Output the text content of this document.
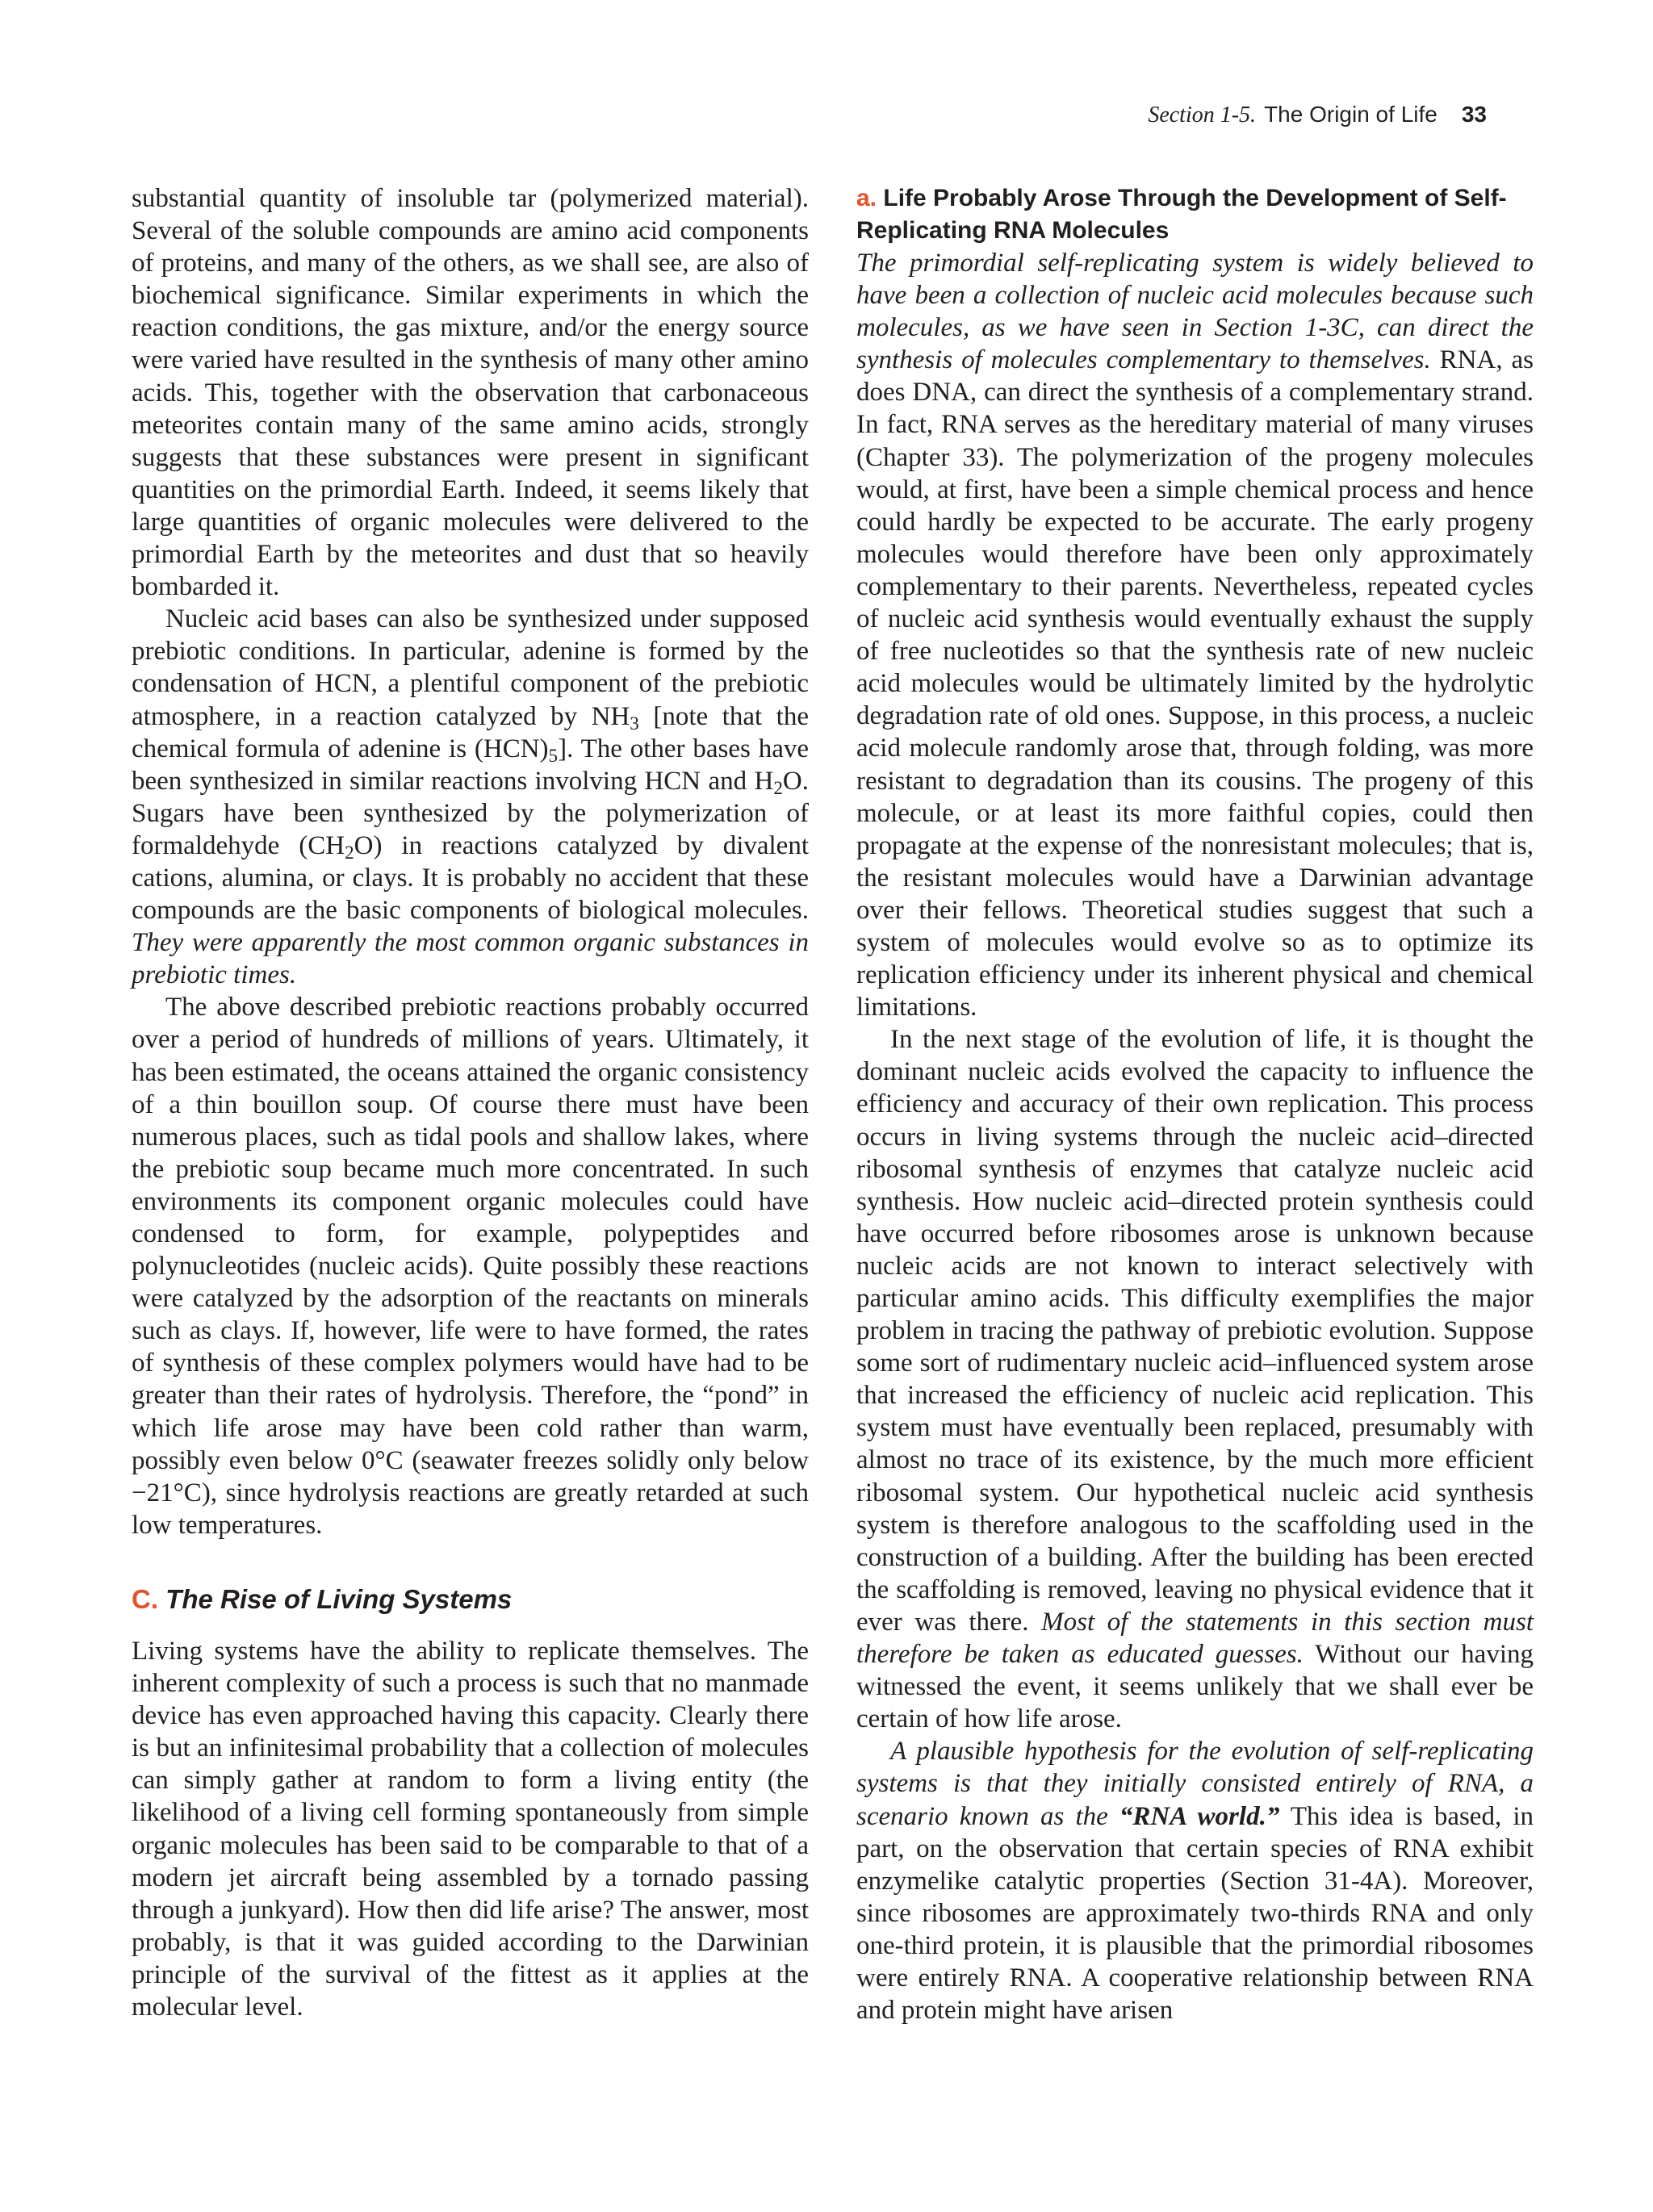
Section 1-5. The Origin of Life 33

substantial quantity of insoluble tar (polymerized material). Several of the soluble compounds are amino acid components of proteins, and many of the others, as we shall see, are also of biochemical significance. Similar experiments in which the reaction conditions, the gas mixture, and/or the energy source were varied have resulted in the synthesis of many other amino acids. This, together with the observation that carbonaceous meteorites contain many of the same amino acids, strongly suggests that these substances were present in significant quantities on the primordial Earth. Indeed, it seems likely that large quantities of organic molecules were delivered to the primordial Earth by the meteorites and dust that so heavily bombarded it.

Nucleic acid bases can also be synthesized under supposed prebiotic conditions. In particular, adenine is formed by the condensation of HCN, a plentiful component of the prebiotic atmosphere, in a reaction catalyzed by $NH_3$ [note that the chemical formula of adenine is $(HCN)_5$]. The other bases have been synthesized in similar reactions involving HCN and $H_2O$. Sugars have been synthesized by the polymerization of formaldehyde $(CH_2O)$ in reactions catalyzed by divalent cations, alumina, or clays. It is probably no accident that these compounds are the basic components of biological molecules. They were apparently the most common organic substances in prebiotic times.

The above described prebiotic reactions probably occurred over a period of hundreds of millions of years. Ultimately, it has been estimated, the oceans attained the organic consistency of a thin bouillon soup. Of course there must have been numerous places, such as tidal pools and shallow lakes, where the prebiotic soup became much more concentrated. In such environments its component organic molecules could have condensed to form, for example, polypeptides and polynucleotides (nucleic acids). Quite possibly these reactions were catalyzed by the adsorption of the reactants on minerals such as clays. If, however, life were to have formed, the rates of synthesis of these complex polymers would have had to be greater than their rates of hydrolysis. Therefore, the “pond” in which life arose may have been cold rather than warm, possibly even below 0°C (seawater freezes solidly only below −21°C), since hydrolysis reactions are greatly retarded at such low temperatures.

C. The Rise of Living Systems

Living systems have the ability to replicate themselves. The inherent complexity of such a process is such that no manmade device has even approached having this capacity. Clearly there is but an infinitesimal probability that a collection of molecules can simply gather at random to form a living entity (the likelihood of a living cell forming spontaneously from simple organic molecules has been said to be comparable to that of a modern jet aircraft being assembled by a tornado passing through a junkyard). How then did life arise? The answer, most probably, is that it was guided according to the Darwinian principle of the survival of the fittest as it applies at the molecular level.

a. Life Probably Arose Through the Development of Self-Replicating RNA Molecules

The primordial self-replicating system is widely believed to have been a collection of nucleic acid molecules because such molecules, as we have seen in Section 1-3C, can direct the synthesis of molecules complementary to themselves. RNA, as does DNA, can direct the synthesis of a complementary strand. In fact, RNA serves as the hereditary material of many viruses (Chapter 33). The polymerization of the progeny molecules would, at first, have been a simple chemical process and hence could hardly be expected to be accurate. The early progeny molecules would therefore have been only approximately complementary to their parents. Nevertheless, repeated cycles of nucleic acid synthesis would eventually exhaust the supply of free nucleotides so that the synthesis rate of new nucleic acid molecules would be ultimately limited by the hydrolytic degradation rate of old ones. Suppose, in this process, a nucleic acid molecule randomly arose that, through folding, was more resistant to degradation than its cousins. The progeny of this molecule, or at least its more faithful copies, could then propagate at the expense of the nonresistant molecules; that is, the resistant molecules would have a Darwinian advantage over their fellows. Theoretical studies suggest that such a system of molecules would evolve so as to optimize its replication efficiency under its inherent physical and chemical limitations.

In the next stage of the evolution of life, it is thought the dominant nucleic acids evolved the capacity to influence the efficiency and accuracy of their own replication. This process occurs in living systems through the nucleic acid–directed ribosomal synthesis of enzymes that catalyze nucleic acid synthesis. How nucleic acid–directed protein synthesis could have occurred before ribosomes arose is unknown because nucleic acids are not known to interact selectively with particular amino acids. This difficulty exemplifies the major problem in tracing the pathway of prebiotic evolution. Suppose some sort of rudimentary nucleic acid–influenced system arose that increased the efficiency of nucleic acid replication. This system must have eventually been replaced, presumably with almost no trace of its existence, by the much more efficient ribosomal system. Our hypothetical nucleic acid synthesis system is therefore analogous to the scaffolding used in the construction of a building. After the building has been erected the scaffolding is removed, leaving no physical evidence that it ever was there. Most of the statements in this section must therefore be taken as educated guesses. Without our having witnessed the event, it seems unlikely that we shall ever be certain of how life arose.

A plausible hypothesis for the evolution of self-replicating systems is that they initially consisted entirely of RNA, a scenario known as the “RNA world.” This idea is based, in part, on the observation that certain species of RNA exhibit enzymelike catalytic properties (Section 31-4A). Moreover, since ribosomes are approximately two-thirds RNA and only one-third protein, it is plausible that the primordial ribosomes were entirely RNA. A cooperative relationship between RNA and protein might have arisen
